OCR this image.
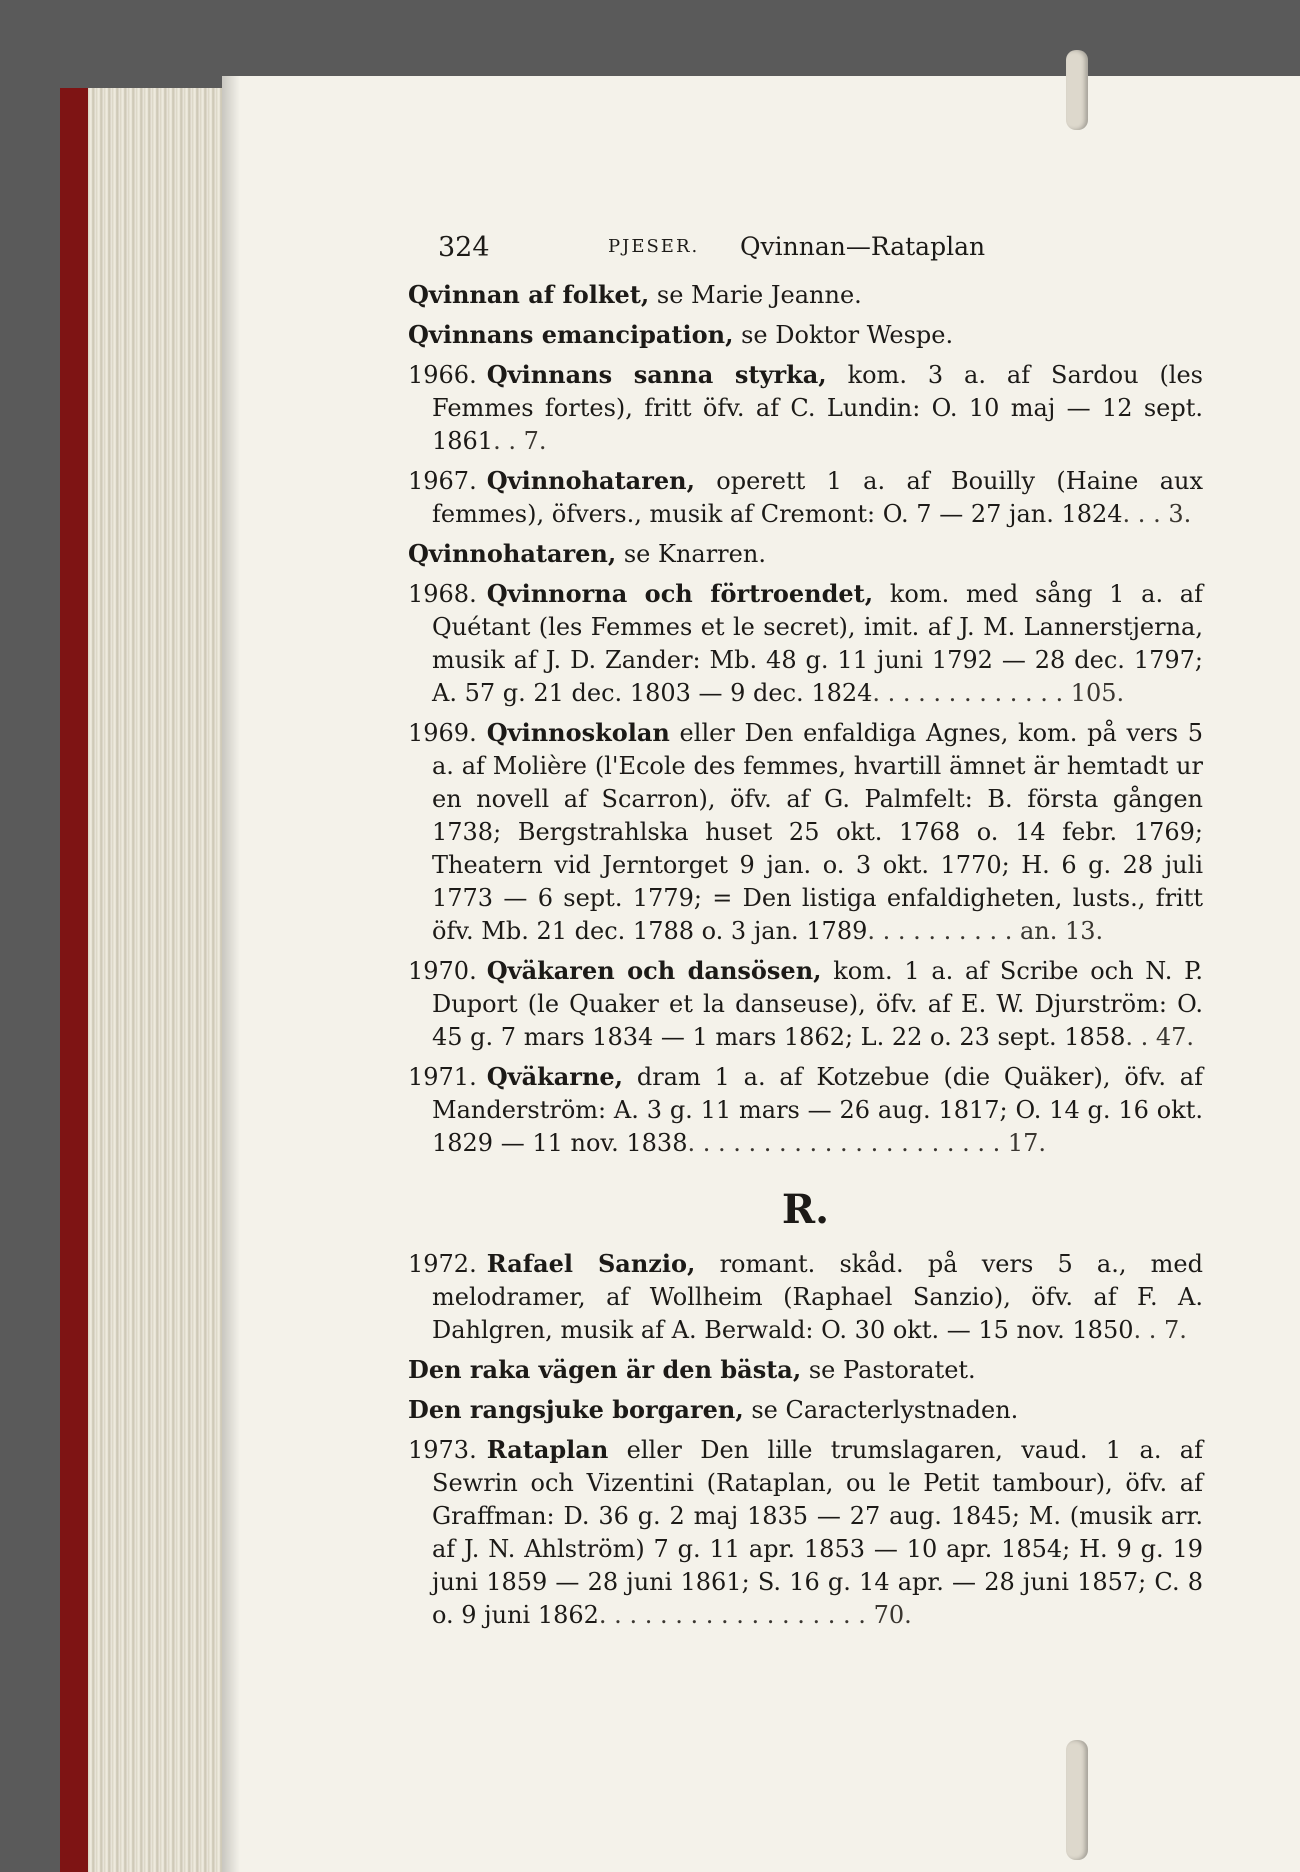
324	PJESER. Qvinnan—Rataplan
Qvinnan af folket, se Marie Jeanne.
Qvinnans emancipation, se Doktor Wespe.
1966. Qvinnans sanna styrka, kom. 3 a. af Sardou (les Femmes fortes), fritt öfv. af C. Lundin: O. 10 maj — 12 sept. 1861. . 7.
1967. Qvinnohataren, operett 1 a. af Bouilly (Haine aux femmes), öfvers., musik af Cremont: O. 7 — 27 jan. 1824. . . 3.
Qvinnohataren, se Knarren.
1968. Qvinnorna och förtroendet, kom. med sång 1 a. af Quétant (les Femmes et le secret), imit. af J. M. Lannerstjerna, musik af J. D. Zander: Mb. 48 g. 11 juni 1792 — 28 dec. 1797; A. 57 g. 21 dec. 1803 — 9 dec. 1824. . . . . . . . . . . . . 105.
1969. Qvinnoskolan eller Den enfaldiga Agnes, kom. på vers 5 a. af Molière (l'Ecole des femmes, hvartill ämnet är hemtadt ur en novell af Scarron), öfv. af G. Palmfelt: B. första gången 1738; Bergstrahlska huset 25 okt. 1768 o. 14 febr. 1769; Theatern vid Jerntorget 9 jan. o. 3 okt. 1770; H. 6 g. 28 juli 1773 — 6 sept. 1779; = Den listiga enfaldigheten, lusts., fritt öfv. Mb. 21 dec. 1788 o. 3 jan. 1789. . . . . . . . . . an. 13.
1970. Qväkaren och dansösen, kom. 1 a. af Scribe och N. P. Duport (le Quaker et la danseuse), öfv. af E. W. Djurström: O. 45 g. 7 mars 1834 — 1 mars 1862; L. 22 o. 23 sept. 1858. . 47.
1971. Qväkarne, dram 1 a. af Kotzebue (die Quäker), öfv. af Manderström: A. 3 g. 11 mars — 26 aug. 1817; O. 14 g. 16 okt. 1829 — 11 nov. 1838. . . . . . . . . . . . . . . . . . . . . 17.
R.
1972. Rafael Sanzio, romant. skåd. på vers 5 a., med melodramer, af Wollheim (Raphael Sanzio), öfv. af F. A. Dahlgren, musik af A. Berwald: O. 30 okt. — 15 nov. 1850. . 7.
Den raka vägen är den bästa, se Pastoratet.
Den rangsjuke borgaren, se Caracterlystnaden.
1973. Rataplan eller Den lille trumslagaren, vaud. 1 a. af Sewrin och Vizentini (Rataplan, ou le Petit tambour), öfv. af Graffman: D. 36 g. 2 maj 1835 — 27 aug. 1845; M. (musik arr. af J. N. Ahlström) 7 g. 11 apr. 1853 — 10 apr. 1854; H. 9 g. 19 juni 1859 — 28 juni 1861; S. 16 g. 14 apr. — 28 juni 1857; C. 8 o. 9 juni 1862. . . . . . . . . . . . . . . . . . 70.
